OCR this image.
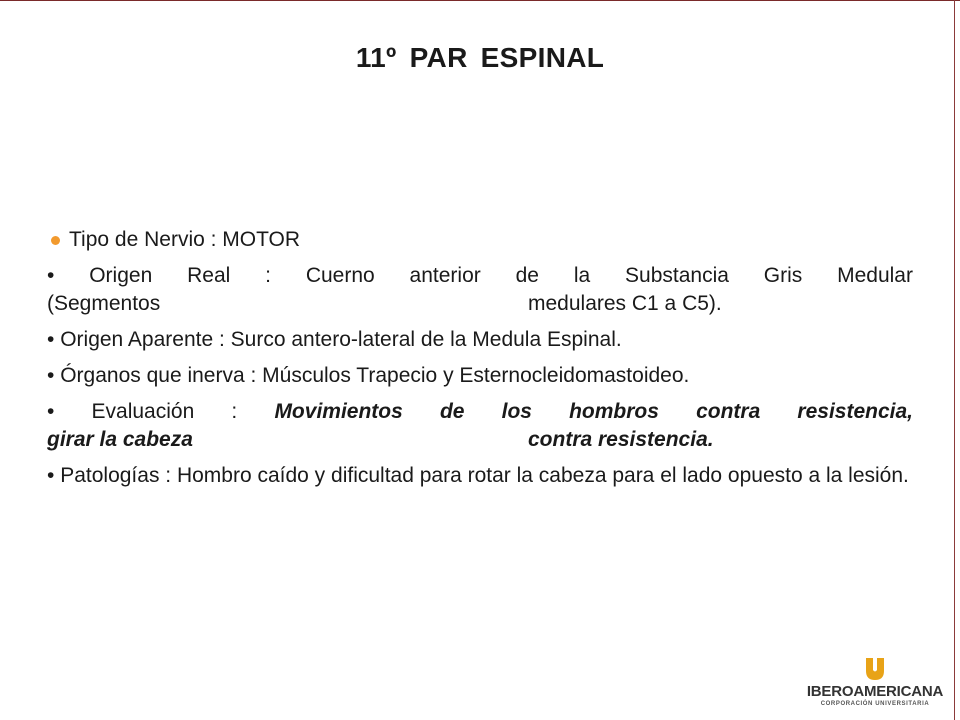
11º PAR ESPINAL
Tipo de Nervio : MOTOR
• Origen Real : Cuerno anterior de la Substancia Gris Medular
(Segmentos	medulares C1 a C5).
• Origen Aparente : Surco antero-lateral de la Medula Espinal.
• Órganos que inerva : Músculos Trapecio y Esternocleidomastoideo.
• Evaluación : Movimientos de los hombros contra resistencia,
girar la cabeza	contra resistencia.
• Patologías : Hombro caído y dificultad para rotar la cabeza para el lado opuesto a la lesión.
IBEROAMERICANA
CORPORACIÓN UNIVERSITARIA
